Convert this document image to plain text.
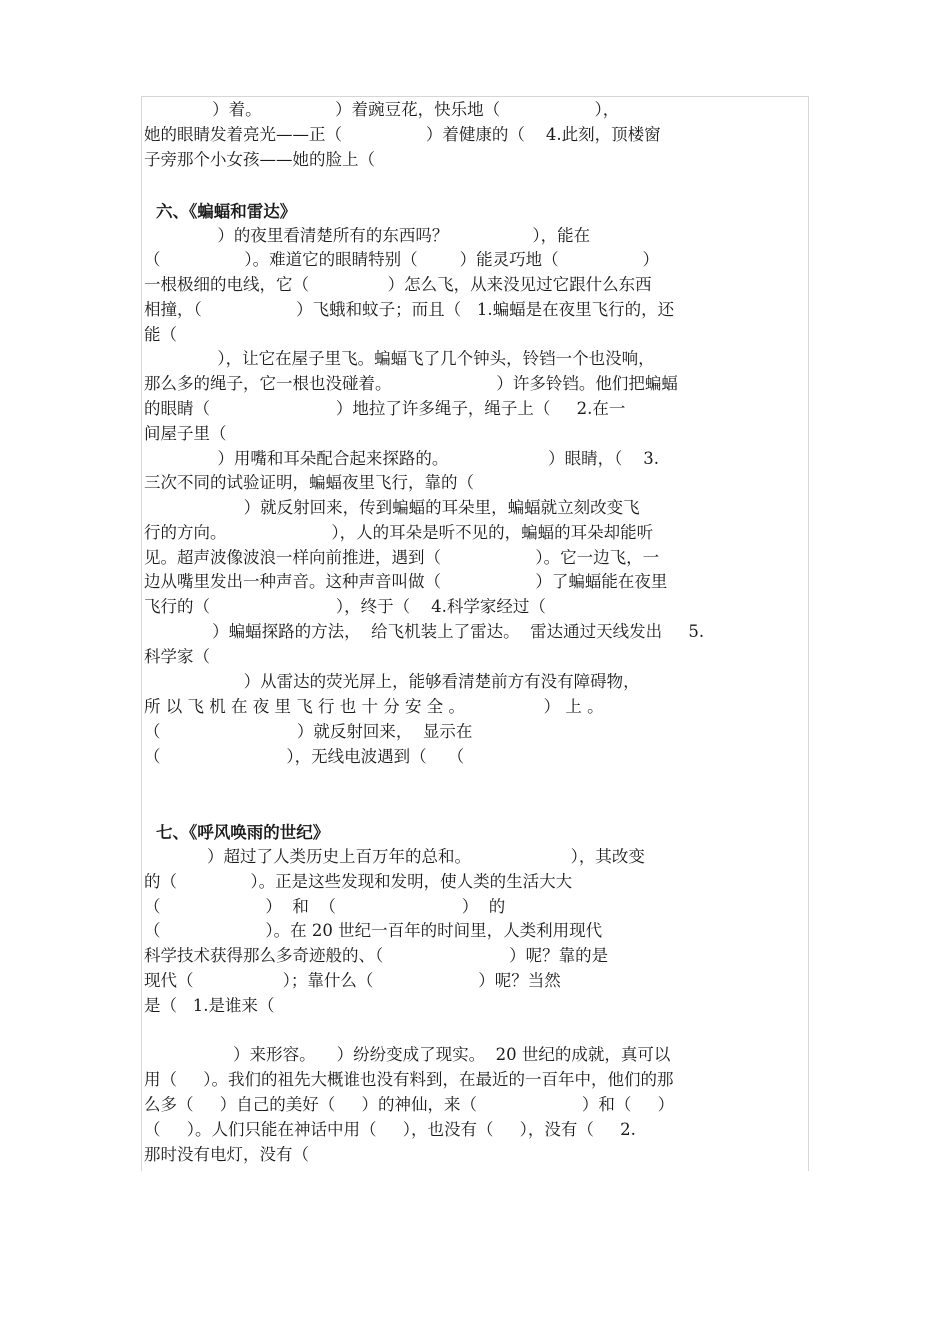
）着。              ）着豌豆花，快乐地（                  ），
她的眼睛发着亮光——正（                ）着健康的（    4.此刻，顶楼窗
子旁那个小女孩——她的脸上（
六、《蝙蝠和雷达》
）的夜里看清楚所有的东西吗？                ），能在
（                ）。难道它的眼睛特别（        ）能灵巧地（                ）
一根极细的电线，它（               ）怎么飞，从来没见过它跟什么东西
相撞，（                  ）飞蛾和蚊子；而且（   1.蝙蝠是在夜里飞行的，还
能（
），让它在屋子里飞。蝙蝠飞了几个钟头，铃铛一个也没响，
那么多的绳子，它一根也没碰着。                    ）许多铃铛。他们把蝙蝠
的眼睛（                        ）地拉了许多绳子，绳子上（     2.在一
间屋子里（
）用嘴和耳朵配合起来探路的。                   ）眼睛，（    3.
三次不同的试验证明，蝙蝠夜里飞行，靠的（
）就反射回来，传到蝙蝠的耳朵里，蝙蝠就立刻改变飞
行的方向。                    ），人的耳朵是听不见的，蝙蝠的耳朵却能听
见。超声波像波浪一样向前推进，遇到（                  ）。它一边飞，一
边从嘴里发出一种声音。这种声音叫做（                  ）了蝙蝠能在夜里
飞行的（                        ），终于（    4.科学家经过（
）蝙蝠探路的方法，  给飞机装上了雷达。  雷达通过天线发出     5.
科学家（
）从雷达的荧光屏上，能够看清楚前方有没有障碍物，
所 以 飞 机 在 夜 里 飞 行 也 十 分 安 全 。               ） 上 。
（                          ）就反射回来，  显示在
（                        ），无线电波遇到（    （
七、《呼风唤雨的世纪》
）超过了人类历史上百万年的总和。                   ），其改变
的（              ）。正是这些发现和发明，使人类的生活大大
（                    ）  和  （                        ）  的
（                    ）。在 20 世纪一百年的时间里，人类利用现代
科学技术获得那么多奇迹般的、（                        ）呢？靠的是
现代（                 ）；靠什么（                    ）呢？当然
是（   1.是谁来（
）来形容。    ）纷纷变成了现实。  20 世纪的成就，真可以
用（     ）。我们的祖先大概谁也没有料到，在最近的一百年中，他们的那
么多（     ）自己的美好（     ）的神仙，来（                    ）和（     ）
（     ）。人们只能在神话中用（     ），也没有（     ），没有（     2.
那时没有电灯，没有（
